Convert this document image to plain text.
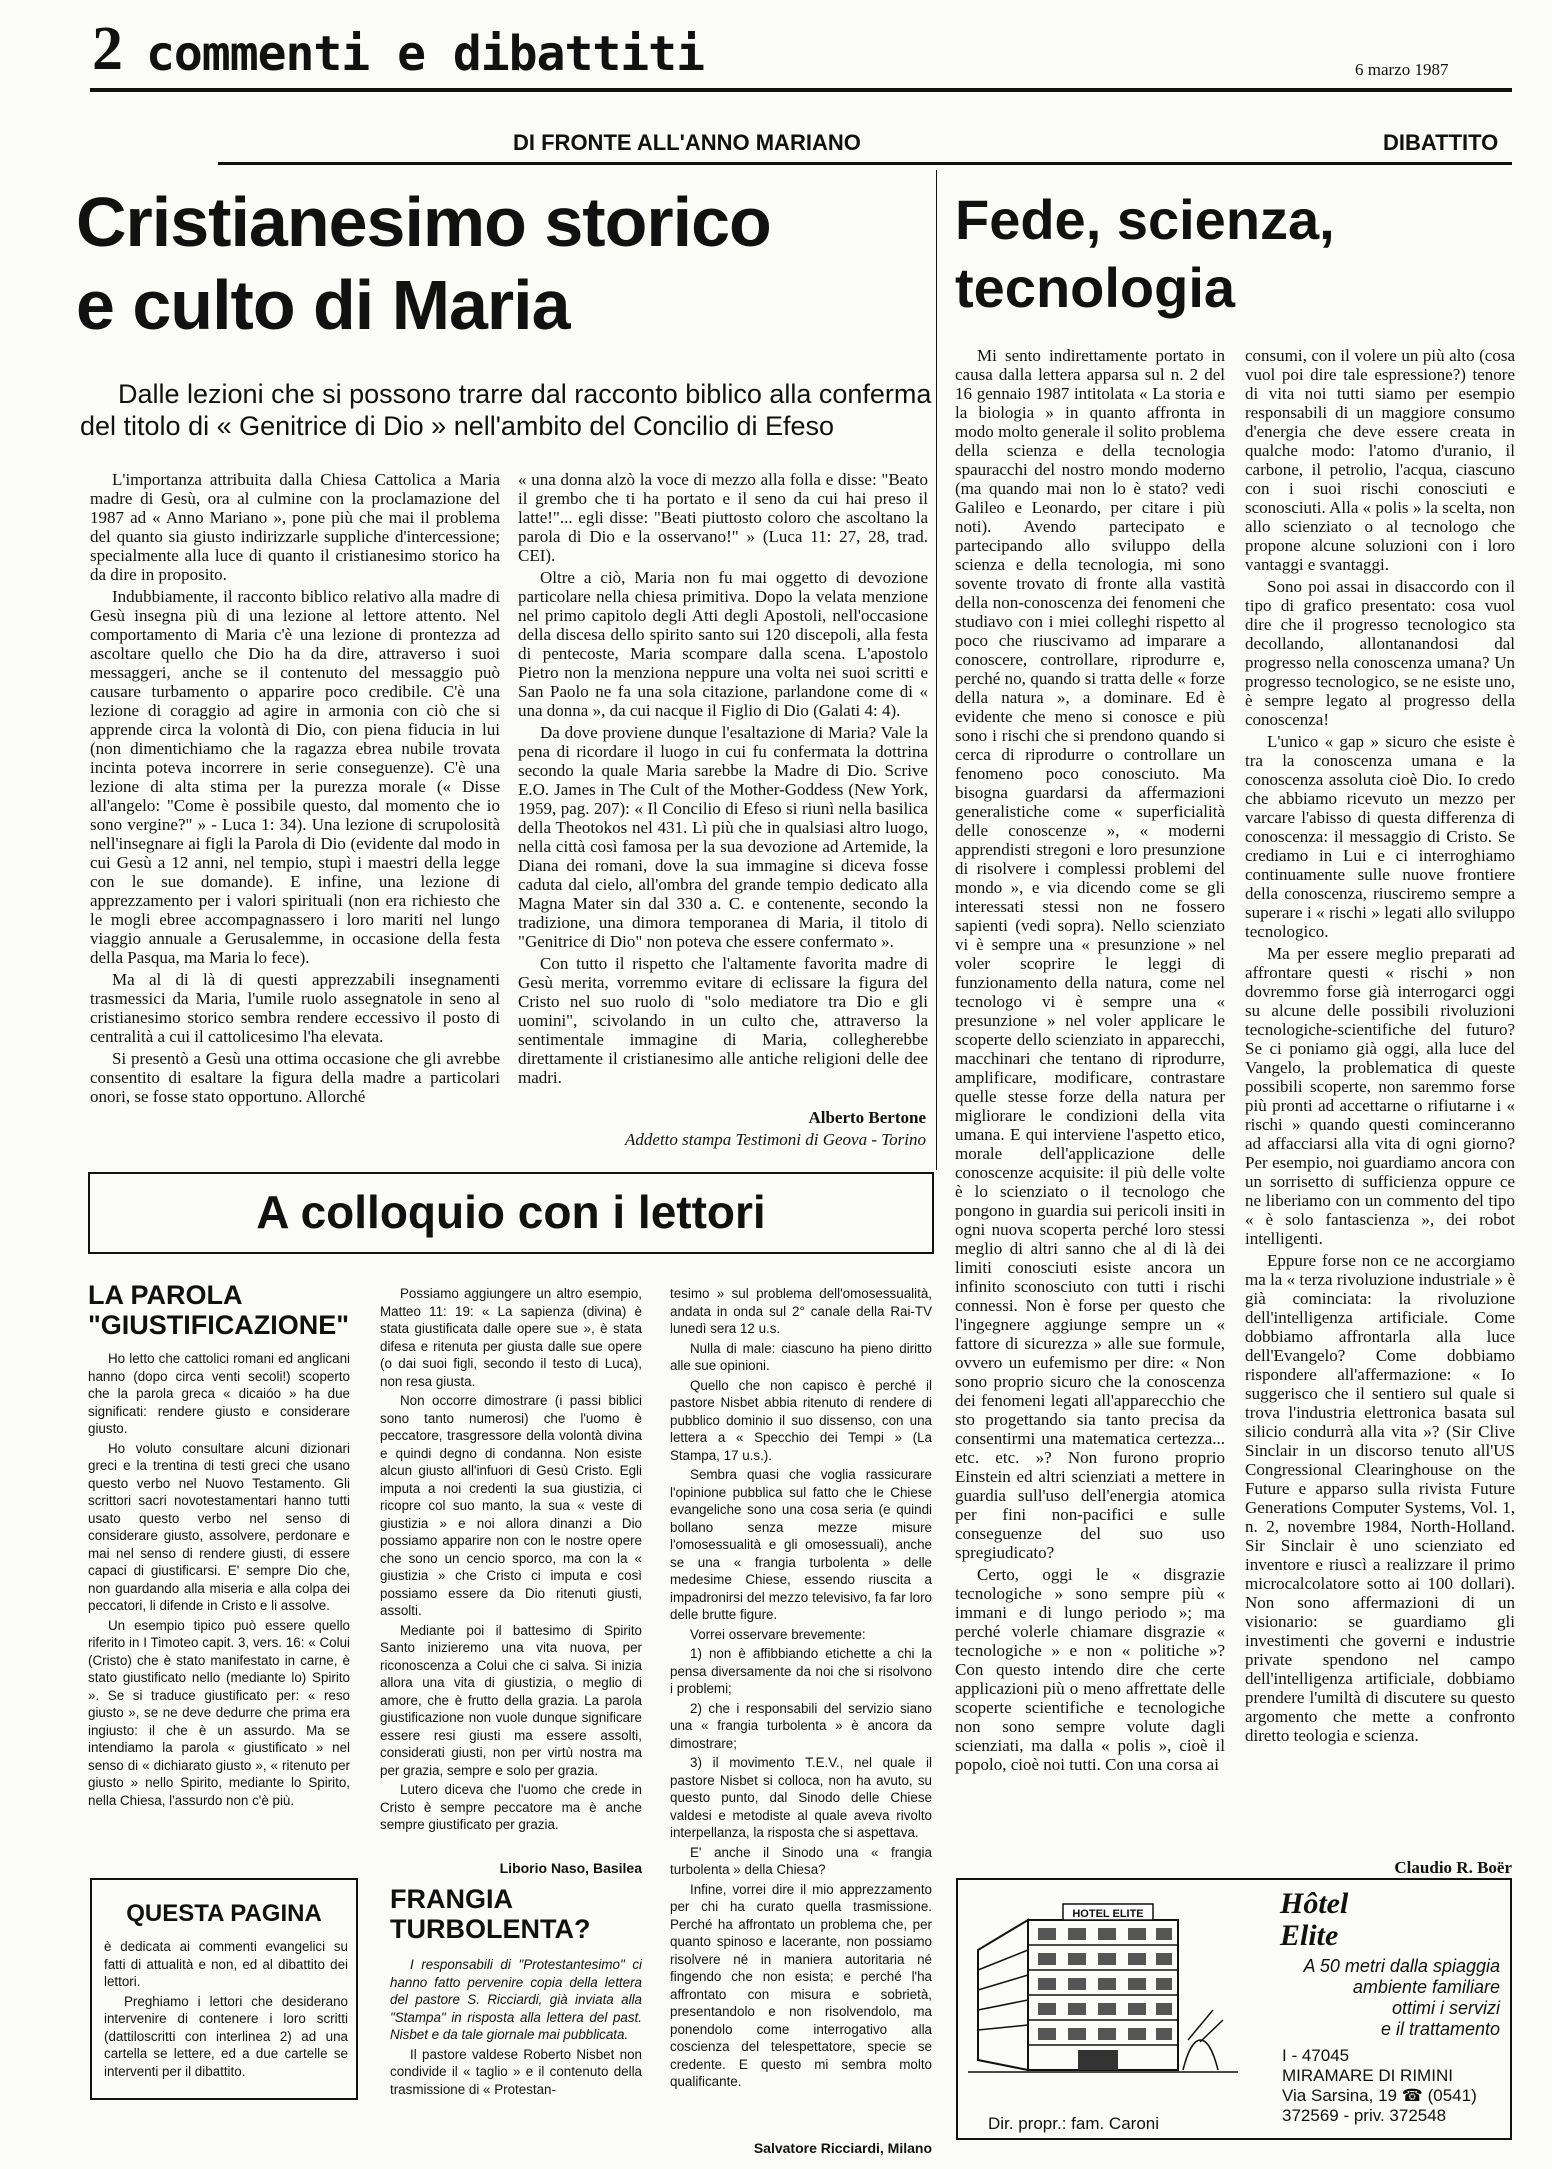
2 commenti e dibattiti	6 marzo 1987
DI FRONTE ALL'ANNO MARIANO	DIBATTITO
Cristianesimo storico
e culto di Maria
Dalle lezioni che si possono trarre dal racconto biblico alla conferma
del titolo di « Genitrice di Dio » nell'ambito del Concilio di Efeso

L'importanza attribuita dalla Chiesa Cattolica a Maria madre di Gesù, ora al culmine con la proclamazione del 1987 ad « Anno Mariano », pone più che mai il problema del quanto sia giusto indirizzarle suppliche d'intercessione; specialmente alla luce di quanto il cristianesimo storico ha da dire in proposito.

Indubbiamente, il racconto biblico relativo alla madre di Gesù insegna più di una lezione al lettore attento. Nel comportamento di Maria c'è una lezione di prontezza ad ascoltare quello che Dio ha da dire, attraverso i suoi messaggeri, anche se il contenuto del messaggio può causare turbamento o apparire poco credibile. C'è una lezione di coraggio ad agire in armonia con ciò che si apprende circa la volontà di Dio, con piena fiducia in lui (non dimentichiamo che la ragazza ebrea nubile trovata incinta poteva incorrere in serie conseguenze). C'è una lezione di alta stima per la purezza morale (« Disse all'angelo: "Come è possibile questo, dal momento che io sono vergine?" » - Luca 1: 34). Una lezione di scrupolosità nell'insegnare ai figli la Parola di Dio (evidente dal modo in cui Gesù a 12 anni, nel tempio, stupì i maestri della legge con le sue domande). E infine, una lezione di apprezzamento per i valori spirituali (non era richiesto che le mogli ebree accompagnassero i loro mariti nel lungo viaggio annuale a Gerusalemme, in occasione della festa della Pasqua, ma Maria lo fece).

Ma al di là di questi apprezzabili insegnamenti trasmessici da Maria, l'umile ruolo assegnatole in seno al cristianesimo storico sembra rendere eccessivo il posto di centralità a cui il cattolicesimo l'ha elevata.

Si presentò a Gesù una ottima occasione che gli avrebbe consentito di esaltare la figura della madre a particolari onori, se fosse stato opportuno. Allorché

« una donna alzò la voce di mezzo alla folla e disse: "Beato il grembo che ti ha portato e il seno da cui hai preso il latte!"... egli disse: "Beati piuttosto coloro che ascoltano la parola di Dio e la osservano!" » (Luca 11: 27, 28, trad. CEI).

Oltre a ciò, Maria non fu mai oggetto di devozione particolare nella chiesa primitiva. Dopo la velata menzione nel primo capitolo degli Atti degli Apostoli, nell'occasione della discesa dello spirito santo sui 120 discepoli, alla festa di pentecoste, Maria scompare dalla scena. L'apostolo Pietro non la menziona neppure una volta nei suoi scritti e San Paolo ne fa una sola citazione, parlandone come di « una donna », da cui nacque il Figlio di Dio (Galati 4: 4).

Da dove proviene dunque l'esaltazione di Maria? Vale la pena di ricordare il luogo in cui fu confermata la dottrina secondo la quale Maria sarebbe la Madre di Dio. Scrive E.O. James in The Cult of the Mother-Goddess (New York, 1959, pag. 207): « Il Concilio di Efeso si riunì nella basilica della Theotokos nel 431. Lì più che in qualsiasi altro luogo, nella città così famosa per la sua devozione ad Artemide, la Diana dei romani, dove la sua immagine si diceva fosse caduta dal cielo, all'ombra del grande tempio dedicato alla Magna Mater sin dal 330 a. C. e contenente, secondo la tradizione, una dimora temporanea di Maria, il titolo di "Genitrice di Dio" non poteva che essere confermato ».

Con tutto il rispetto che l'altamente favorita madre di Gesù merita, vorremmo evitare di eclissare la figura del Cristo nel suo ruolo di "solo mediatore tra Dio e gli uomini", scivolando in un culto che, attraverso la sentimentale immagine di Maria, collegherebbe direttamente il cristianesimo alle antiche religioni delle dee madri.

Alberto Bertone
Addetto stampa Testimoni di Geova - Torino
Fede, scienza,
tecnologia

Mi sento indirettamente portato in causa dalla lettera apparsa sul n. 2 del 16 gennaio 1987 intitolata « La storia e la biologia » in quanto affronta in modo molto generale il solito problema della scienza e della tecnologia spauracchi del nostro mondo moderno (ma quando mai non lo è stato? vedi Galileo e Leonardo, per citare i più noti). Avendo partecipato e partecipando allo sviluppo della scienza e della tecnologia, mi sono sovente trovato di fronte alla vastità della non-conoscenza dei fenomeni che studiavo con i miei colleghi rispetto al poco che riuscivamo ad imparare a conoscere, controllare, riprodurre e, perché no, quando si tratta delle « forze della natura », a dominare. Ed è evidente che meno si conosce e più sono i rischi che si prendono quando si cerca di riprodurre o controllare un fenomeno poco conosciuto. Ma bisogna guardarsi da affermazioni generalistiche come « superficialità delle conoscenze », « moderni apprendisti stregoni e loro presunzione di risolvere i complessi problemi del mondo », e via dicendo come se gli interessati stessi non ne fossero sapienti (vedi sopra). Nello scienziato vi è sempre una « presunzione » nel voler scoprire le leggi di funzionamento della natura, come nel tecnologo vi è sempre una « presunzione » nel voler applicare le scoperte dello scienziato in apparecchi, macchinari che tentano di riprodurre, amplificare, modificare, contrastare quelle stesse forze della natura per migliorare le condizioni della vita umana. E qui interviene l'aspetto etico, morale dell'applicazione delle conoscenze acquisite: il più delle volte è lo scienziato o il tecnologo che pongono in guardia sui pericoli insiti in ogni nuova scoperta perché loro stessi meglio di altri sanno che al di là dei limiti conosciuti esiste ancora un infinito sconosciuto con tutti i rischi connessi. Non è forse per questo che l'ingegnere aggiunge sempre un « fattore di sicurezza » alle sue formule, ovvero un eufemismo per dire: « Non sono proprio sicuro che la conoscenza dei fenomeni legati all'apparecchio che sto progettando sia tanto precisa da consentirmi una matematica certezza... etc. etc. »? Non furono proprio Einstein ed altri scienziati a mettere in guardia sull'uso dell'energia atomica per fini non-pacifici e sulle conseguenze del suo uso spregiudicato?

Certo, oggi le « disgrazie tecnologiche » sono sempre più « immani e di lungo periodo »; ma perché volerle chiamare disgrazie « tecnologiche » e non « politiche »? Con questo intendo dire che certe applicazioni più o meno affrettate delle scoperte scientifiche e tecnologiche non sono sempre volute dagli scienziati, ma dalla « polis », cioè il popolo, cioè noi tutti. Con una corsa ai

consumi, con il volere un più alto (cosa vuol poi dire tale espressione?) tenore di vita noi tutti siamo per esempio responsabili di un maggiore consumo d'energia che deve essere creata in qualche modo: l'atomo d'uranio, il carbone, il petrolio, l'acqua, ciascuno con i suoi rischi conosciuti e sconosciuti. Alla « polis » la scelta, non allo scienziato o al tecnologo che propone alcune soluzioni con i loro vantaggi e svantaggi.

Sono poi assai in disaccordo con il tipo di grafico presentato: cosa vuol dire che il progresso tecnologico sta decollando, allontanandosi dal progresso nella conoscenza umana? Un progresso tecnologico, se ne esiste uno, è sempre legato al progresso della conoscenza!

L'unico « gap » sicuro che esiste è tra la conoscenza umana e la conoscenza assoluta cioè Dio. Io credo che abbiamo ricevuto un mezzo per varcare l'abisso di questa differenza di conoscenza: il messaggio di Cristo. Se crediamo in Lui e ci interroghiamo continuamente sulle nuove frontiere della conoscenza, riusciremo sempre a superare i « rischi » legati allo sviluppo tecnologico.

Ma per essere meglio preparati ad affrontare questi « rischi » non dovremmo forse già interrogarci oggi su alcune delle possibili rivoluzioni tecnologiche-scientifiche del futuro? Se ci poniamo già oggi, alla luce del Vangelo, la problematica di queste possibili scoperte, non saremmo forse più pronti ad accettarne o rifiutarne i « rischi » quando questi cominceranno ad affacciarsi alla vita di ogni giorno? Per esempio, noi guardiamo ancora con un sorrisetto di sufficienza oppure ce ne liberiamo con un commento del tipo « è solo fantascienza », dei robot intelligenti.

Eppure forse non ce ne accorgiamo ma la « terza rivoluzione industriale » è già cominciata: la rivoluzione dell'intelligenza artificiale. Come dobbiamo affrontarla alla luce dell'Evangelo? Come dobbiamo rispondere all'affermazione: « Io suggerisco che il sentiero sul quale si trova l'industria elettronica basata sul silicio condurrà alla vita »? (Sir Clive Sinclair in un discorso tenuto all'US Congressional Clearinghouse on the Future e apparso sulla rivista Future Generations Computer Systems, Vol. 1, n. 2, novembre 1984, North-Holland. Sir Sinclair è uno scienziato ed inventore e riuscì a realizzare il primo microcalcolatore sotto ai 100 dollari). Non sono affermazioni di un visionario: se guardiamo gli investimenti che governi e industrie private spendono nel campo dell'intelligenza artificiale, dobbiamo prendere l'umiltà di discutere su questo argomento che mette a confronto diretto teologia e scienza.

Claudio R. Boër
A colloquio con i lettori
LA PAROLA
"GIUSTIFICAZIONE"

Ho letto che cattolici romani ed anglicani hanno (dopo circa venti secoli!) scoperto che la parola greca « dicaióo » ha due significati: rendere giusto e considerare giusto.

Ho voluto consultare alcuni dizionari greci e la trentina di testi greci che usano questo verbo nel Nuovo Testamento. Gli scrittori sacri novotestamentari hanno tutti usato questo verbo nel senso di considerare giusto, assolvere, perdonare e mai nel senso di rendere giusti, di essere capaci di giustificarsi. E' sempre Dio che, non guardando alla miseria e alla colpa dei peccatori, li difende in Cristo e li assolve.

Un esempio tipico può essere quello riferito in I Timoteo capit. 3, vers. 16: « Colui (Cristo) che è stato manifestato in carne, è stato giustificato nello (mediante lo) Spirito ». Se si traduce giustificato per: « reso giusto », se ne deve dedurre che prima era ingiusto: il che è un assurdo. Ma se intendiamo la parola « giustificato » nel senso di « dichiarato giusto », « ritenuto per giusto » nello Spirito, mediante lo Spirito, nella Chiesa, l'assurdo non c'è più.

Possiamo aggiungere un altro esempio, Matteo 11: 19: « La sapienza (divina) è stata giustificata dalle opere sue », è stata difesa e ritenuta per giusta dalle sue opere (o dai suoi figli, secondo il testo di Luca), non resa giusta.

Non occorre dimostrare (i passi biblici sono tanto numerosi) che l'uomo è peccatore, trasgressore della volontà divina e quindi degno di condanna. Non esiste alcun giusto all'infuori di Gesù Cristo. Egli imputa a noi credenti la sua giustizia, ci ricopre col suo manto, la sua « veste di giustizia » e noi allora dinanzi a Dio possiamo apparire non con le nostre opere che sono un cencio sporco, ma con la « giustizia » che Cristo ci imputa e così possiamo essere da Dio ritenuti giusti, assolti.

Mediante poi il battesimo di Spirito Santo inizieremo una vita nuova, per riconoscenza a Colui che ci salva. Si inizia allora una vita di giustizia, o meglio di amore, che è frutto della grazia. La parola giustificazione non vuole dunque significare essere resi giusti ma essere assolti, considerati giusti, non per virtù nostra ma per grazia, sempre e solo per grazia.

Lutero diceva che l'uomo che crede in Cristo è sempre peccatore ma è anche sempre giustificato per grazia.

Liborio Naso, Basilea

tesimo » sul problema dell'omosessualità, andata in onda sul 2° canale della Rai-TV lunedì sera 12 u.s.

Nulla di male: ciascuno ha pieno diritto alle sue opinioni.

Quello che non capisco è perché il pastore Nisbet abbia ritenuto di rendere di pubblico dominio il suo dissenso, con una lettera a « Specchio dei Tempi » (La Stampa, 17 u.s.).

Sembra quasi che voglia rassicurare l'opinione pubblica sul fatto che le Chiese evangeliche sono una cosa seria (e quindi bollano senza mezze misure l'omosessualità e gli omosessuali), anche se una « frangia turbolenta » delle medesime Chiese, essendo riuscita a impadronirsi del mezzo televisivo, fa far loro delle brutte figure.

Vorrei osservare brevemente:

1) non è affibbiando etichette a chi la pensa diversamente da noi che si risolvono i problemi;

2) che i responsabili del servizio siano una « frangia turbolenta » è ancora da dimostrare;

3) il movimento T.E.V., nel quale il pastore Nisbet si colloca, non ha avuto, su questo punto, dal Sinodo delle Chiese valdesi e metodiste al quale aveva rivolto interpellanza, la risposta che si aspettava.

E' anche il Sinodo una « frangia turbolenta » della Chiesa?

Infine, vorrei dire il mio apprezzamento per chi ha curato quella trasmissione. Perché ha affrontato un problema che, per quanto spinoso e lacerante, non possiamo risolvere né in maniera autoritaria né fingendo che non esista; e perché l'ha affrontato con misura e sobrietà, presentandolo e non risolvendolo, ma ponendolo come interrogativo alla coscienza del telespettatore, specie se credente. E questo mi sembra molto qualificante.

Salvatore Ricciardi, Milano
FRANGIA
TURBOLENTA?

I responsabili di "Protestantesimo" ci hanno fatto pervenire copia della lettera del pastore S. Ricciardi, già inviata alla "Stampa" in risposta alla lettera del past. Nisbet e da tale giornale mai pubblicata.

Il pastore valdese Roberto Nisbet non condivide il « taglio » e il contenuto della trasmissione di « Protestan-

QUESTA PAGINA

è dedicata ai commenti evangelici su fatti di attualità e non, ed al dibattito dei lettori.

Preghiamo i lettori che desiderano intervenire di contenere i loro scritti (dattiloscritti con interlinea 2) ad una cartella se lettere, ed a due cartelle se interventi per il dibattito.

HOTEL ELITE	Hôtel
Elite
A 50 metri dalla spiaggia
ambiente familiare
ottimi i servizi
e il trattamento
I - 47045
MIRAMARE DI RIMINI
Via Sarsina, 19 ☎ (0541)
372569 - priv. 372548
Dir. propr.: fam. Caroni
